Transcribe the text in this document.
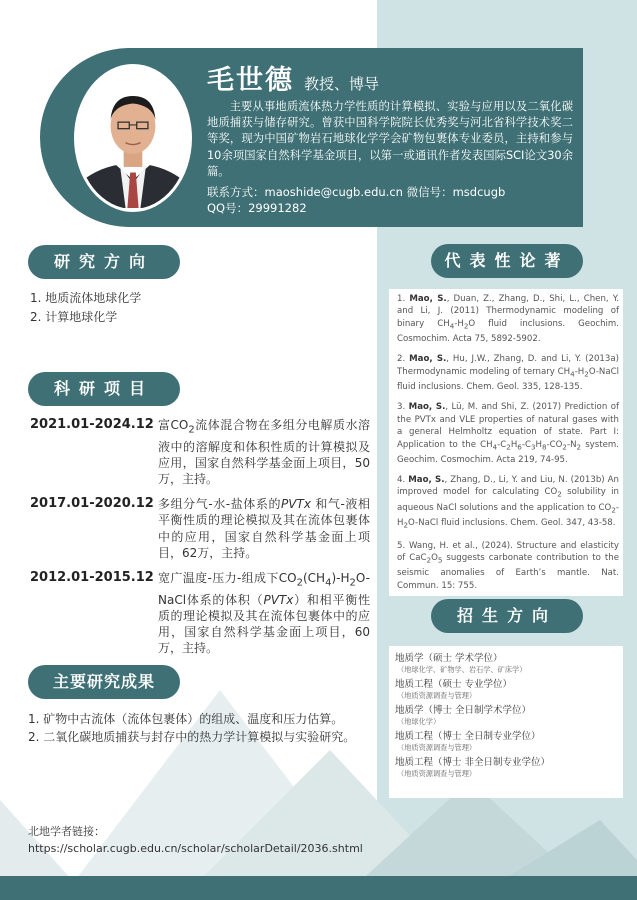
毛世德 教授、博导

主要从事地质流体热力学性质的计算模拟、实验与应用以及二氧化碳地质捕获与储存研究。曾获中国科学院院长优秀奖与河北省科学技术奖二等奖，现为中国矿物岩石地球化学学会矿物包裹体专业委员，主持和参与10余项国家自然科学基金项目，以第一或通讯作者发表国际SCI论文30余篇。

联系方式：maoshide@cugb.edu.cn 微信号：msdcugb
QQ号：29991282
研究方向
1. 地质流体地球化学
2. 计算地球化学
科研项目
2021.01-2024.12 富$CO_2$流体混合物在多组分电解质水溶液中的溶解度和体积性质的计算模拟及应用，国家自然科学基金面上项目，50万，主持。
2017.01-2020.12 多组分气-水-盐体系的PVTx 和气-液相平衡性质的理论模拟及其在流体包裹体中的应用，国家自然科学基金面上项目，62万，主持。
2012.01-2015.12 宽广温度-压力-组成下$CO_2(CH_4)-H_2O$-NaCl体系的体积（PVTx）和相平衡性质的理论模拟及其在流体包裹体中的应用，国家自然科学基金面上项目，60万，主持。
主要研究成果
1. 矿物中古流体（流体包裹体）的组成、温度和压力估算。
2. 二氧化碳地质捕获与封存中的热力学计算模拟与实验研究。
北地学者链接：
https://scholar.cugb.edu.cn/scholar/scholarDetail/2036.shtml
代表性论著
1. Mao, S., Duan, Z., Zhang, D., Shi, L., Chen, Y. and Li, J. (2011) Thermodynamic modeling of binary $CH_4-H_2O$ fluid inclusions. Geochim. Cosmochim. Acta 75, 5892-5902.
2. Mao, S., Hu, J.W., Zhang, D. and Li, Y. (2013a) Thermodynamic modeling of ternary $CH_4-H_2O$-NaCl fluid inclusions. Chem. Geol. 335, 128-135.
3. Mao, S., Lü, M. and Shi, Z. (2017) Prediction of the PVTx and VLE properties of natural gases with a general Helmholtz equation of state. Part I: Application to the $CH_4-C_2H_6-C_3H_8-CO_2-N_2$ system. Geochim. Cosmochim. Acta 219, 74-95.
4. Mao, S., Zhang, D., Li, Y. and Liu, N. (2013b) An improved model for calculating $CO_2$ solubility in aqueous NaCl solutions and the application to $CO_2-H_2O$-NaCl fluid inclusions. Chem. Geol. 347, 43-58.
5. Wang, H. et al., (2024). Structure and elasticity of $CaC_2O_5$ suggests carbonate contribution to the seismic anomalies of Earth’s mantle. Nat. Commun. 15: 755.
招生方向
地质学（硕士 学术学位）
（地球化学、矿物学、岩石学、矿床学）
地质工程（硕士 专业学位）
（地质资源调查与管理）
地质学（博士 全日制学术学位）
（地球化学）
地质工程（博士 全日制专业学位）
（地质资源调查与管理）
地质工程（博士 非全日制专业学位）
（地质资源调查与管理）
